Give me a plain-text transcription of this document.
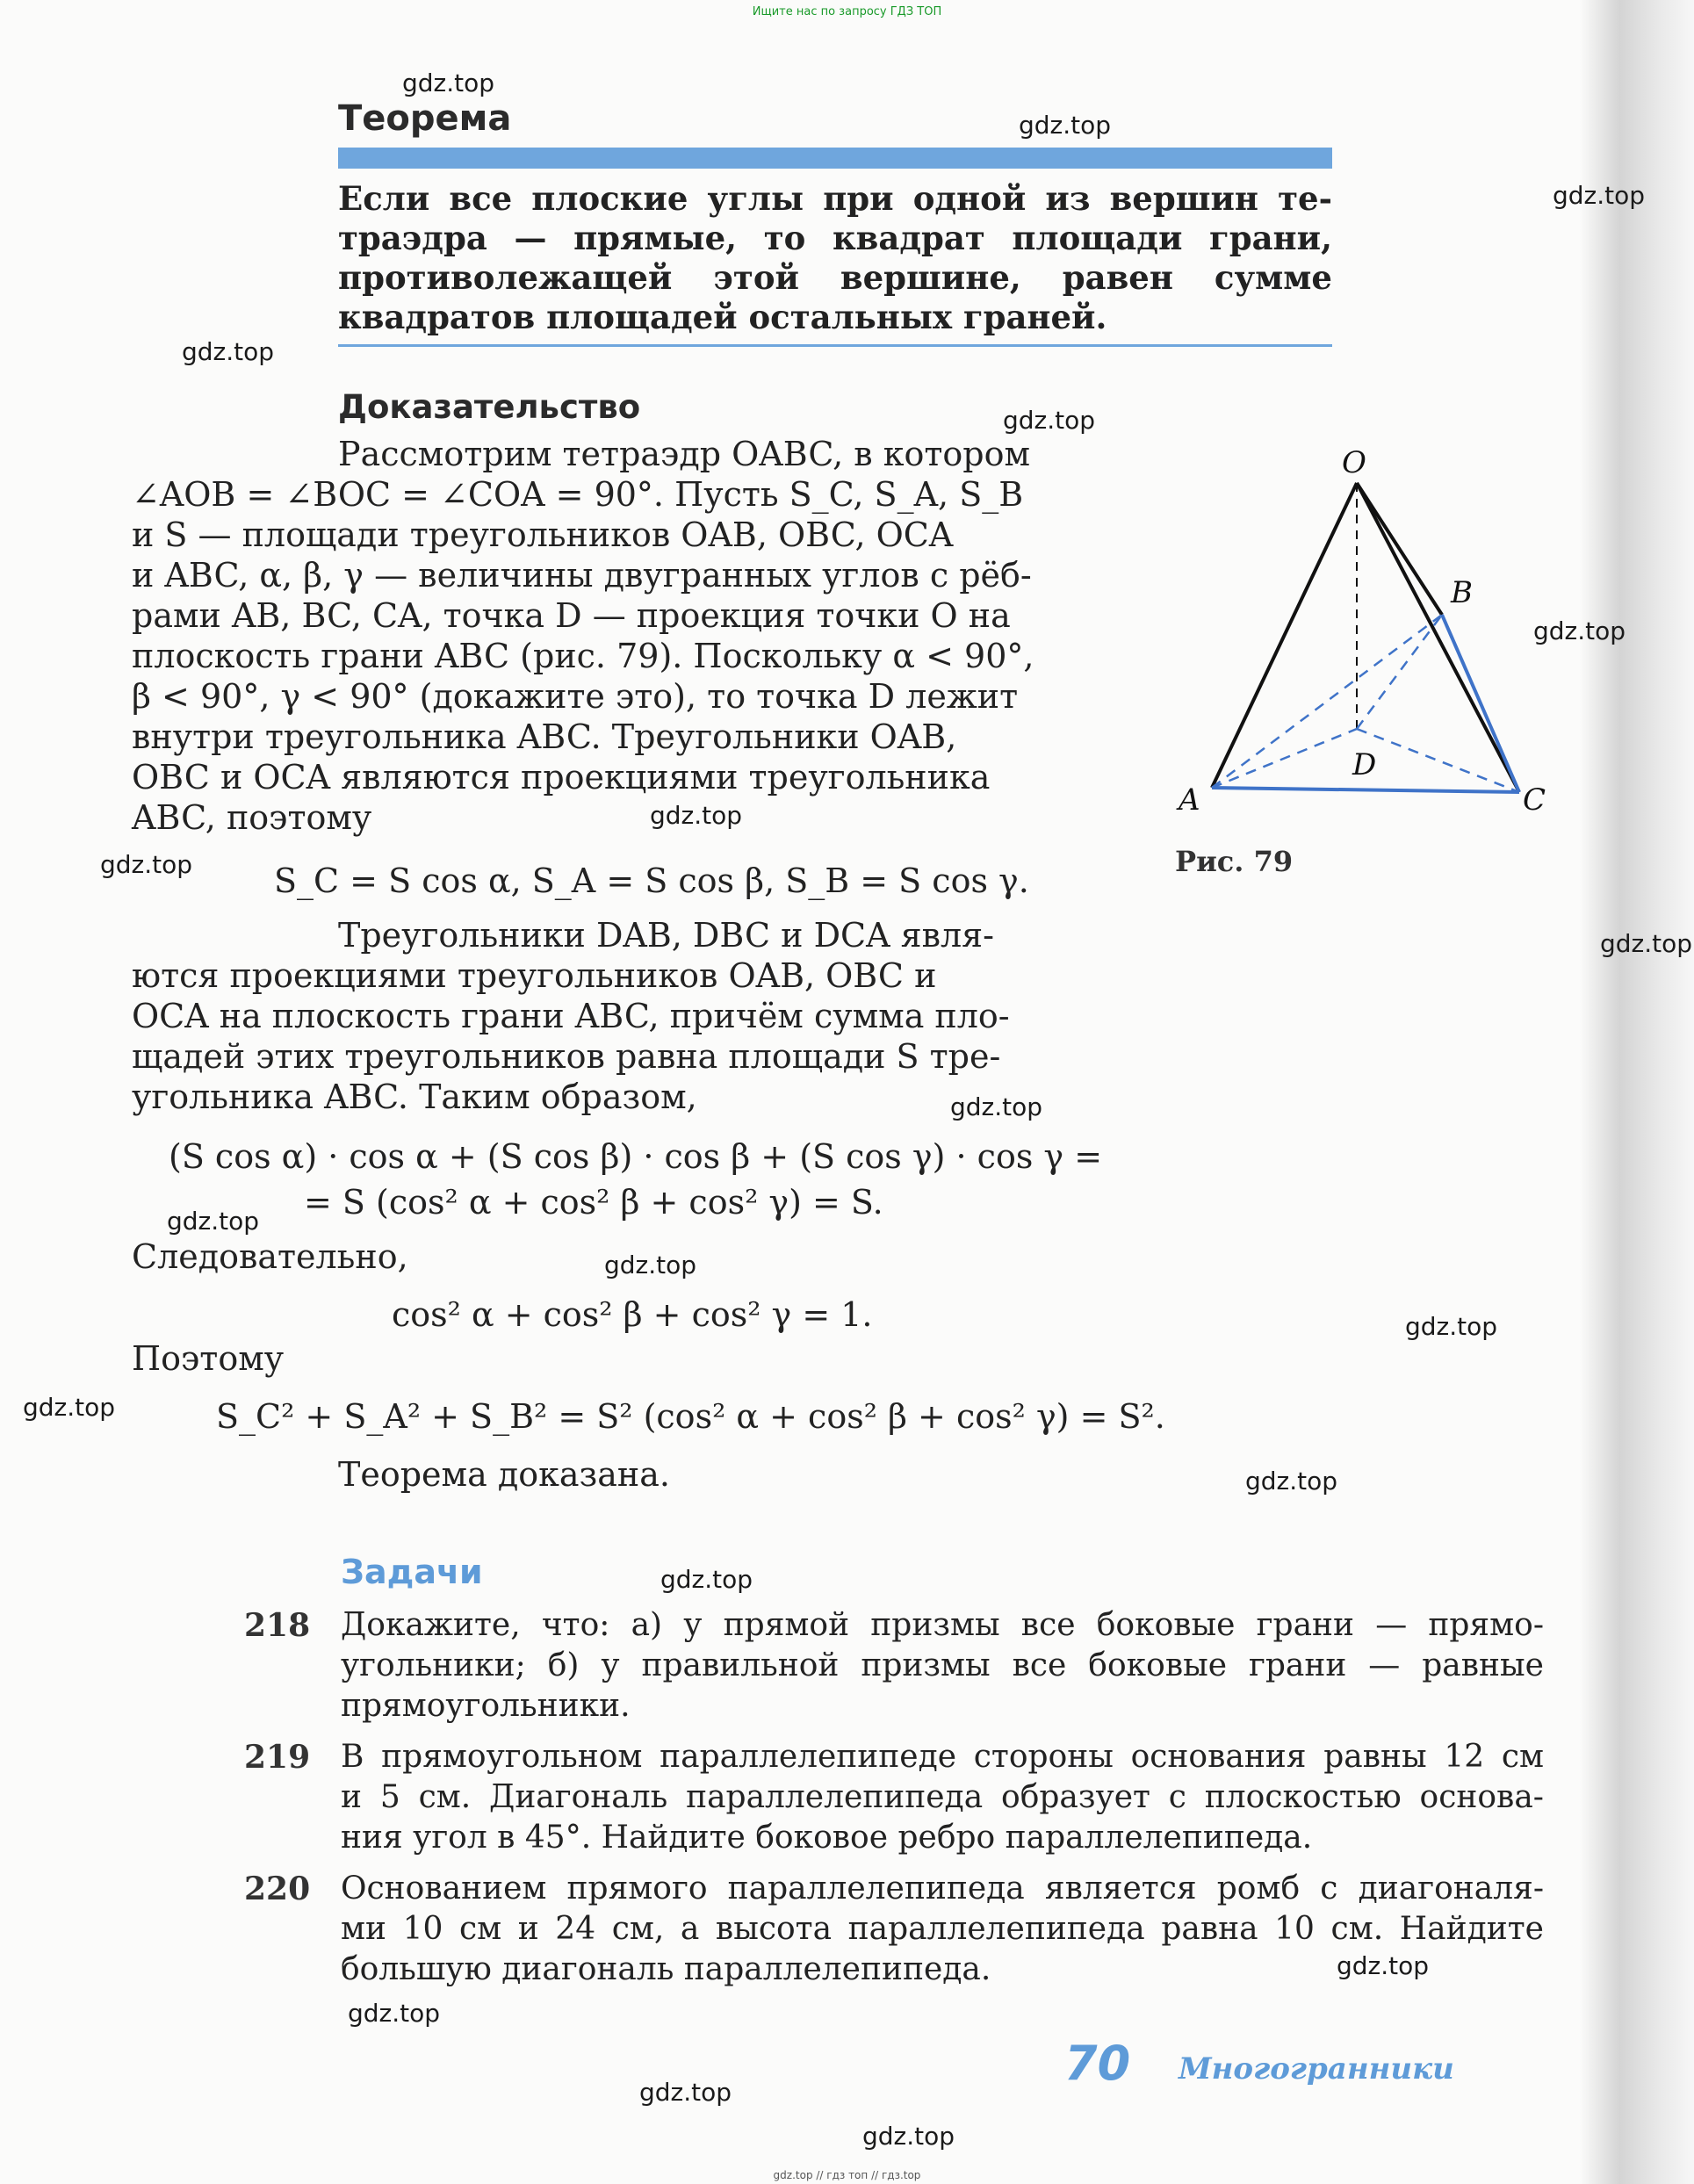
Ищите нас по запросу ГДЗ ТОП
gdz.top
gdz.top
gdz.top
gdz.top
gdz.top
gdz.top
gdz.top
gdz.top
gdz.top
gdz.top
gdz.top
gdz.top
gdz.top
gdz.top
gdz.top
gdz.top
gdz.top
gdz.top
gdz.top
gdz.top
Теорема
Если все плоские углы при одной из вершин те-
траэдра — прямые, то квадрат площади грани,
противолежащей этой вершине, равен сумме
квадратов площадей остальных граней.
Доказательство
Рассмотрим тетраэдр OABC, в котором
∠AOB = ∠BOC = ∠COA = 90°. Пусть S_C, S_A, S_B
и S — площади треугольников OAB, OBC, OCA
и ABC, α, β, γ — величины двугранных углов с рёб-
рами AB, BC, CA, точка D — проекция точки O на
плоскость грани ABC (рис. 79). Поскольку α < 90°,
β < 90°, γ < 90° (докажите это), то точка D лежит
внутри треугольника ABC. Треугольники OAB,
OBC и OCA являются проекциями треугольника
ABC, поэтому
S_C = S cos α, S_A = S cos β, S_B = S cos γ.
Треугольники DAB, DBC и DCA явля-
ются проекциями треугольников OAB, OBC и
OCA на плоскость грани ABC, причём сумма пло-
щадей этих треугольников равна площади S тре-
угольника ABC. Таким образом,
(S cos α) · cos α + (S cos β) · cos β + (S cos γ) · cos γ =
= S (cos² α + cos² β + cos² γ) = S.
Следовательно,
cos² α + cos² β + cos² γ = 1.
Поэтому
S_C² + S_A² + S_B² = S² (cos² α + cos² β + cos² γ) = S².
Теорема доказана.
O
A
B
C
D
Рис. 79
Задачи
218 Докажите, что: а) у прямой призмы все боковые грани — прямо-
угольники; б) у правильной призмы все боковые грани — равные
прямоугольники.
219 В прямоугольном параллелепипеде стороны основания равны 12 см
и 5 см. Диагональ параллелепипеда образует с плоскостью основа-
ния угол в 45°. Найдите боковое ребро параллелепипеда.
220 Основанием прямого параллелепипеда является ромб с диагоналя-
ми 10 см и 24 см, а высота параллелепипеда равна 10 см. Найдите
большую диагональ параллелепипеда.
70 Многогранники
gdz.top // гдз топ // гдз.top
